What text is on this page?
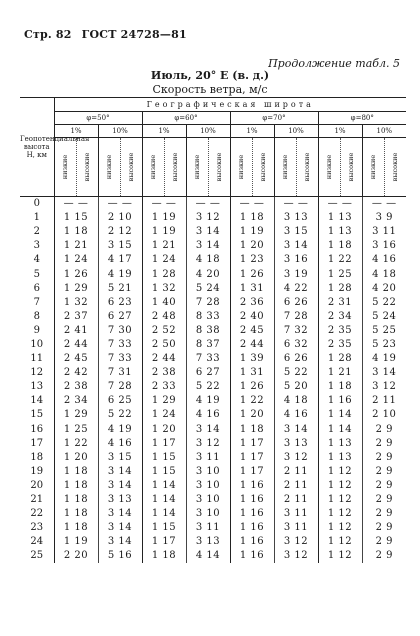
Стр. 82 ГОСТ 24728—81
Продолжение табл. 5
Июль, 20° E (в. д.)
Скорость ветра, м/с
Геопотенциальная высота H, км	Географическая широта															
	φ=50°				φ=60°				φ=70°				φ=80°			
	1%		10%		1%		10%		1%		10%		1%		10%	

	низкие	высокие	низкие	высокие	низкие	высокие	низкие	высокие	низкие	высокие	низкие	высокие	низкие	высокие	низкие	высокие

0	— —		— —		— —		— —		— —		— —		— —		— —	
1	1 15		2 10		1 19		3 12		1 18		3 13		1 13		3 9	
2	1 18		2 12		1 19		3 14		1 19		3 15		1 13		3 11	
3	1 21		3 15		1 21		3 14		1 20		3 14		1 18		3 16	
4	1 24		4 17		1 24		4 18		1 23		3 16		1 22		4 16	
5	1 26		4 19		1 28		4 20		1 26		3 19		1 25		4 18	
6	1 29		5 21		1 32		5 24		1 31		4 22		1 28		4 20	
7	1 32		6 23		1 40		7 28		2 36		6 26		2 31		5 22	
8	2 37		6 27		2 48		8 33		2 40		7 28		2 34		5 24	
9	2 41		7 30		2 52		8 38		2 45		7 32		2 35		5 25	
10	2 44		7 33		2 50		8 37		2 44		6 32		2 35		5 23	
11	2 45		7 33		2 44		7 33		1 39		6 26		1 28		4 19	
12	2 42		7 31		2 38		6 27		1 31		5 22		1 21		3 14	
13	2 38		7 28		2 33		5 22		1 26		5 20		1 18		3 12	
14	2 34		6 25		1 29		4 19		1 22		4 18		1 16		2 11	
15	1 29		5 22		1 24		4 16		1 20		4 16		1 14		2 10	
16	1 25		4 19		1 20		3 14		1 18		3 14		1 14		2 9	
17	1 22		4 16		1 17		3 12		1 17		3 13		1 13		2 9	
18	1 20		3 15		1 15		3 11		1 17		3 12		1 13		2 9	
19	1 18		3 14		1 15		3 10		1 17		2 11		1 12		2 9	
20	1 18		3 14		1 14		3 10		1 16		2 11		1 12		2 9	
21	1 18		3 13		1 14		3 10		1 16		2 11		1 12		2 9	
22	1 18		3 14		1 14		3 10		1 16		3 11		1 12		2 9	
23	1 18		3 14		1 15		3 11		1 16		3 11		1 12		2 9	
24	1 19		3 14		1 17		3 13		1 16		3 12		1 12		2 9	
25	2 20		5 16		1 18		4 14		1 16		3 12		1 12		2 9	
